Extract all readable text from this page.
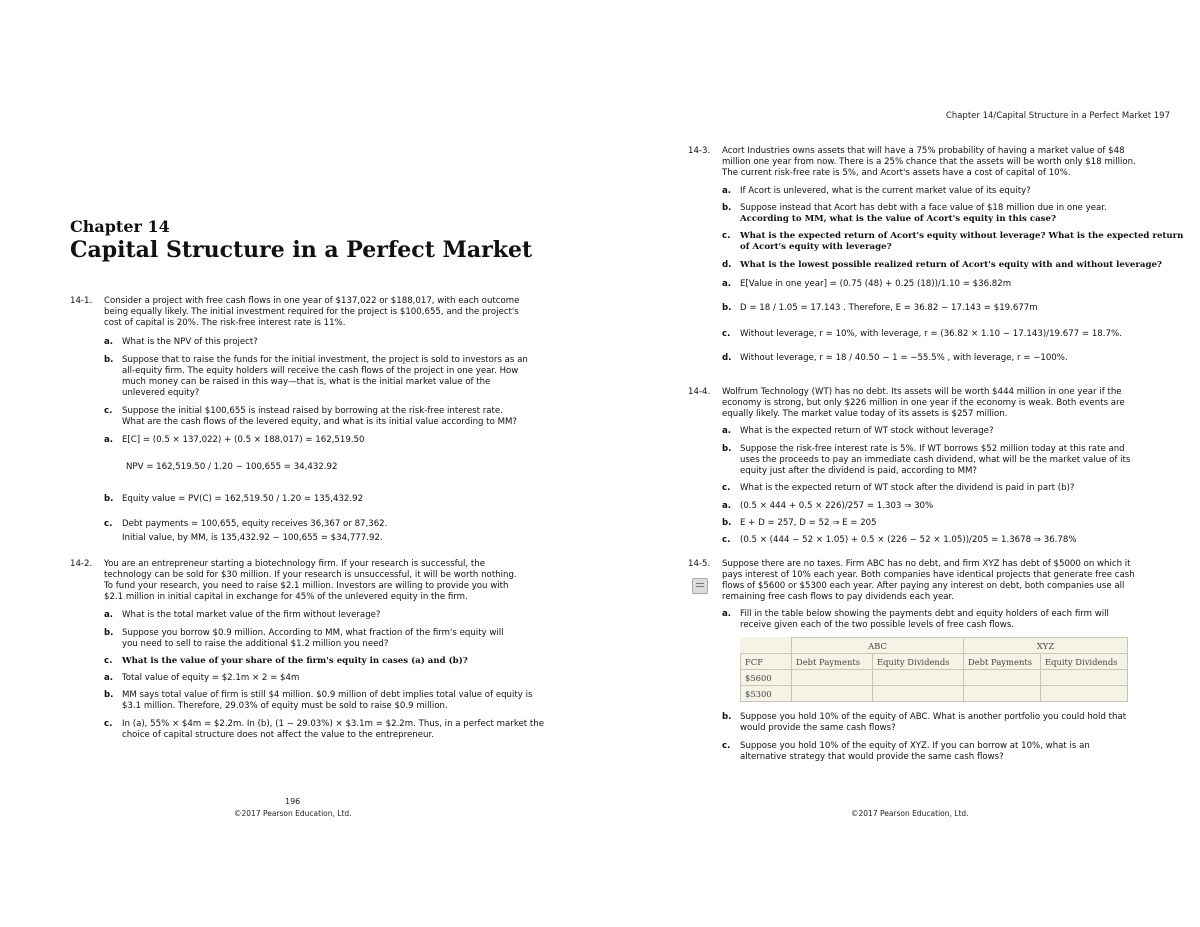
Chapter 14
Capital Structure in a Perfect Market
14-1. Consider a project with free cash flows in one year of $137,022 or $188,017, with each outcome
being equally likely. The initial investment required for the project is $100,655, and the project's
cost of capital is 20%. The risk-free interest rate is 11%.
a. What is the NPV of this project?
b. Suppose that to raise the funds for the initial investment, the project is sold to investors as an
all-equity firm. The equity holders will receive the cash flows of the project in one year. How
much money can be raised in this way—that is, what is the initial market value of the
unlevered equity?
c. Suppose the initial $100,655 is instead raised by borrowing at the risk-free interest rate.
What are the cash flows of the levered equity, and what is its initial value according to MM?
a. E[C] = (0.5 × 137,022) + (0.5 × 188,017) = 162,519.50
NPV = 162,519.50 / 1.20 − 100,655 = 34,432.92
b. Equity value = PV(C) = 162,519.50 / 1.20 = 135,432.92
c. Debt payments = 100,655, equity receives 36,367 or 87,362.
Initial value, by MM, is 135,432.92 − 100,655 = $34,777.92.
14-2. You are an entrepreneur starting a biotechnology firm. If your research is successful, the
technology can be sold for $30 million. If your research is unsuccessful, it will be worth nothing.
To fund your research, you need to raise $2.1 million. Investors are willing to provide you with
$2.1 million in initial capital in exchange for 45% of the unlevered equity in the firm.
a. What is the total market value of the firm without leverage?
b. Suppose you borrow $0.9 million. According to MM, what fraction of the firm's equity will
you need to sell to raise the additional $1.2 million you need?
c. What is the value of your share of the firm's equity in cases (a) and (b)?
a. Total value of equity = $2.1m × 2 = $4m
b. MM says total value of firm is still $4 million. $0.9 million of debt implies total value of equity is
$3.1 million. Therefore, 29.03% of equity must be sold to raise $0.9 million.
c. In (a), 55% × $4m = $2.2m. In (b), (1 − 29.03%) × $3.1m = $2.2m. Thus, in a perfect market the
choice of capital structure does not affect the value to the entrepreneur.
196
©2017 Pearson Education, Ltd.
Chapter 14/Capital Structure in a Perfect Market 197
14-3. Acort Industries owns assets that will have a 75% probability of having a market value of $48
million one year from now. There is a 25% chance that the assets will be worth only $18 million.
The current risk-free rate is 5%, and Acort's assets have a cost of capital of 10%.
a. If Acort is unlevered, what is the current market value of its equity?
b. Suppose instead that Acort has debt with a face value of $18 million due in one year.
According to MM, what is the value of Acort's equity in this case?
c. What is the expected return of Acort's equity without leverage? What is the expected return
of Acort's equity with leverage?
d. What is the lowest possible realized return of Acort's equity with and without leverage?
a. E[Value in one year] = (0.75 (48) + 0.25 (18))/1.10 = $36.82m
b. D = 18 / 1.05 = 17.143 . Therefore, E = 36.82 − 17.143 = $19.677m
c. Without leverage, r = 10%, with leverage, r = (36.82 × 1.10 − 17.143)/19.677 = 18.7%.
d. Without leverage, r = 18 / 40.50 − 1 = −55.5% , with leverage, r = −100%.
14-4. Wolfrum Technology (WT) has no debt. Its assets will be worth $444 million in one year if the
economy is strong, but only $226 million in one year if the economy is weak. Both events are
equally likely. The market value today of its assets is $257 million.
a. What is the expected return of WT stock without leverage?
b. Suppose the risk-free interest rate is 5%. If WT borrows $52 million today at this rate and
uses the proceeds to pay an immediate cash dividend, what will be the market value of its
equity just after the dividend is paid, according to MM?
c. What is the expected return of WT stock after the dividend is paid in part (b)?
a. (0.5 × 444 + 0.5 × 226)/257 = 1.303 ⇒ 30%
b. E + D = 257, D = 52 ⇒ E = 205
c. (0.5 × (444 − 52 × 1.05) + 0.5 × (226 − 52 × 1.05))/205 = 1.3678 ⇒ 36.78%
14-5. Suppose there are no taxes. Firm ABC has no debt, and firm XYZ has debt of $5000 on which it
pays interest of 10% each year. Both companies have identical projects that generate free cash
flows of $5600 or $5300 each year. After paying any interest on debt, both companies use all
remaining free cash flows to pay dividends each year.
a. Fill in the table below showing the payments debt and equity holders of each firm will
receive given each of the two possible levels of free cash flows.
	ABC		XYZ	
FCF	Debt Payments	Equity Dividends	Debt Payments	Equity Dividends
$5600				
$5300				
b. Suppose you hold 10% of the equity of ABC. What is another portfolio you could hold that
would provide the same cash flows?
c. Suppose you hold 10% of the equity of XYZ. If you can borrow at 10%, what is an
alternative strategy that would provide the same cash flows?
©2017 Pearson Education, Ltd.
